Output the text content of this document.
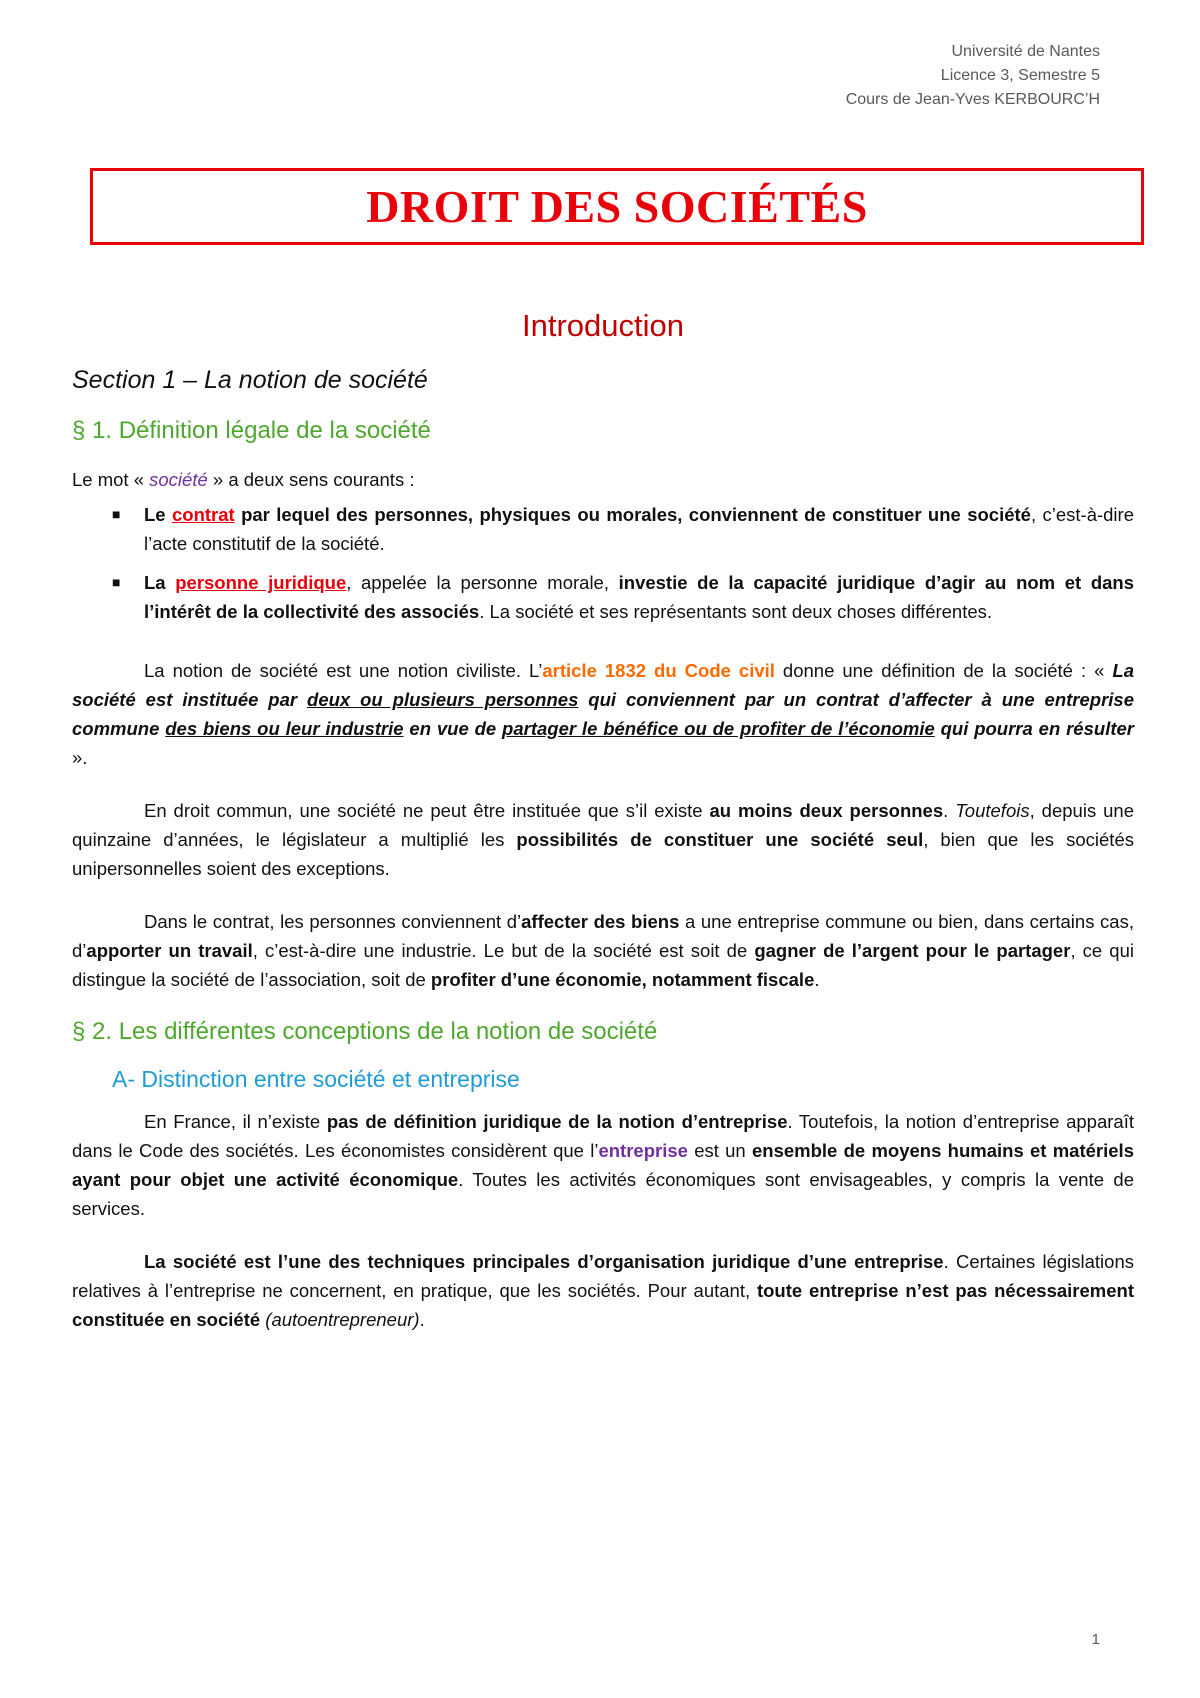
Université de Nantes
Licence 3, Semestre 5
Cours de Jean-Yves KERBOURC’H
DROIT DES SOCIÉTÉS
Introduction
Section 1 – La notion de société
§ 1. Définition légale de la société

Le mot « société » a deux sens courants :

■ Le contrat par lequel des personnes, physiques ou morales, conviennent de constituer une société, c’est-à-dire l’acte constitutif de la société.
■ La personne juridique, appelée la personne morale, investie de la capacité juridique d’agir au nom et dans l’intérêt de la collectivité des associés. La société et ses représentants sont deux choses différentes.

La notion de société est une notion civiliste. L’article 1832 du Code civil donne une définition de la société : « La société est instituée par deux ou plusieurs personnes qui conviennent par un contrat d’affecter à une entreprise commune des biens ou leur industrie en vue de partager le bénéfice ou de profiter de l’économie qui pourra en résulter ».

En droit commun, une société ne peut être instituée que s’il existe au moins deux personnes. Toutefois, depuis une quinzaine d’années, le législateur a multiplié les possibilités de constituer une société seul, bien que les sociétés unipersonnelles soient des exceptions.

Dans le contrat, les personnes conviennent d’affecter des biens a une entreprise commune ou bien, dans certains cas, d’apporter un travail, c’est-à-dire une industrie. Le but de la société est soit de gagner de l’argent pour le partager, ce qui distingue la société de l’association, soit de profiter d’une économie, notamment fiscale.

§ 2. Les différentes conceptions de la notion de société
A- Distinction entre société et entreprise

En France, il n’existe pas de définition juridique de la notion d’entreprise. Toutefois, la notion d’entreprise apparaît dans le Code des sociétés. Les économistes considèrent que l’entreprise est un ensemble de moyens humains et matériels ayant pour objet une activité économique. Toutes les activités économiques sont envisageables, y compris la vente de services.

La société est l’une des techniques principales d’organisation juridique d’une entreprise. Certaines législations relatives à l’entreprise ne concernent, en pratique, que les sociétés. Pour autant, toute entreprise n’est pas nécessairement constituée en société (autoentrepreneur).

1
